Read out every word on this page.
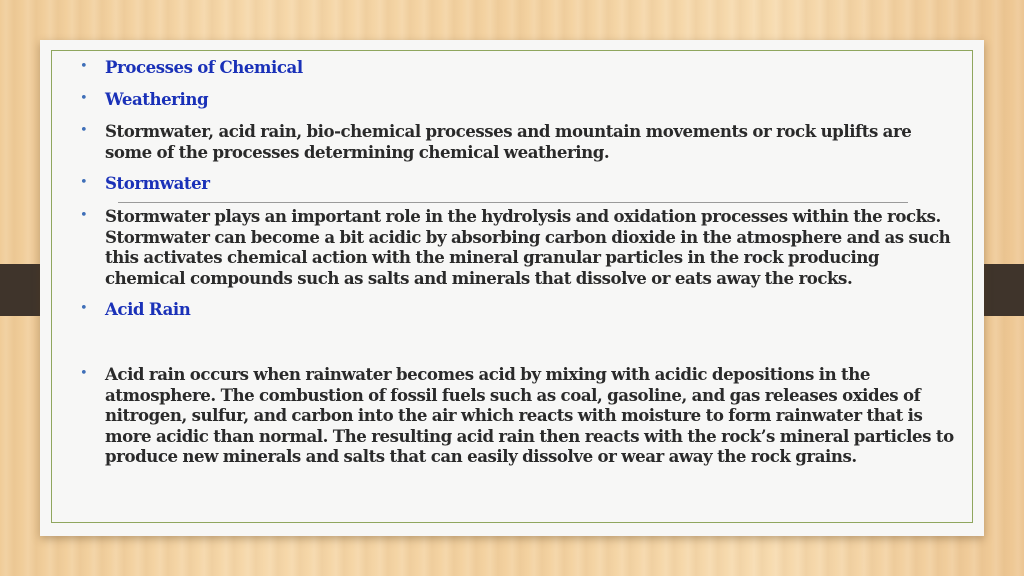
•	Processes of Chemical
•	Weathering
•	Stormwater, acid rain, bio-chemical processes and mountain movements or rock uplifts are some of the processes determining chemical weathering.
•	Stormwater
•	Stormwater plays an important role in the hydrolysis and oxidation processes within the rocks. Stormwater can become a bit acidic by absorbing carbon dioxide in the atmosphere and as such this activates chemical action with the mineral granular particles in the rock producing chemical compounds such as salts and minerals that dissolve or eats away the rocks.
•	Acid Rain
•	Acid rain occurs when rainwater becomes acid by mixing with acidic depositions in the atmosphere. The combustion of fossil fuels such as coal, gasoline, and gas releases oxides of nitrogen, sulfur, and carbon into the air which reacts with moisture to form rainwater that is more acidic than normal. The resulting acid rain then reacts with the rock’s mineral particles to produce new minerals and salts that can easily dissolve or wear away the rock grains.
